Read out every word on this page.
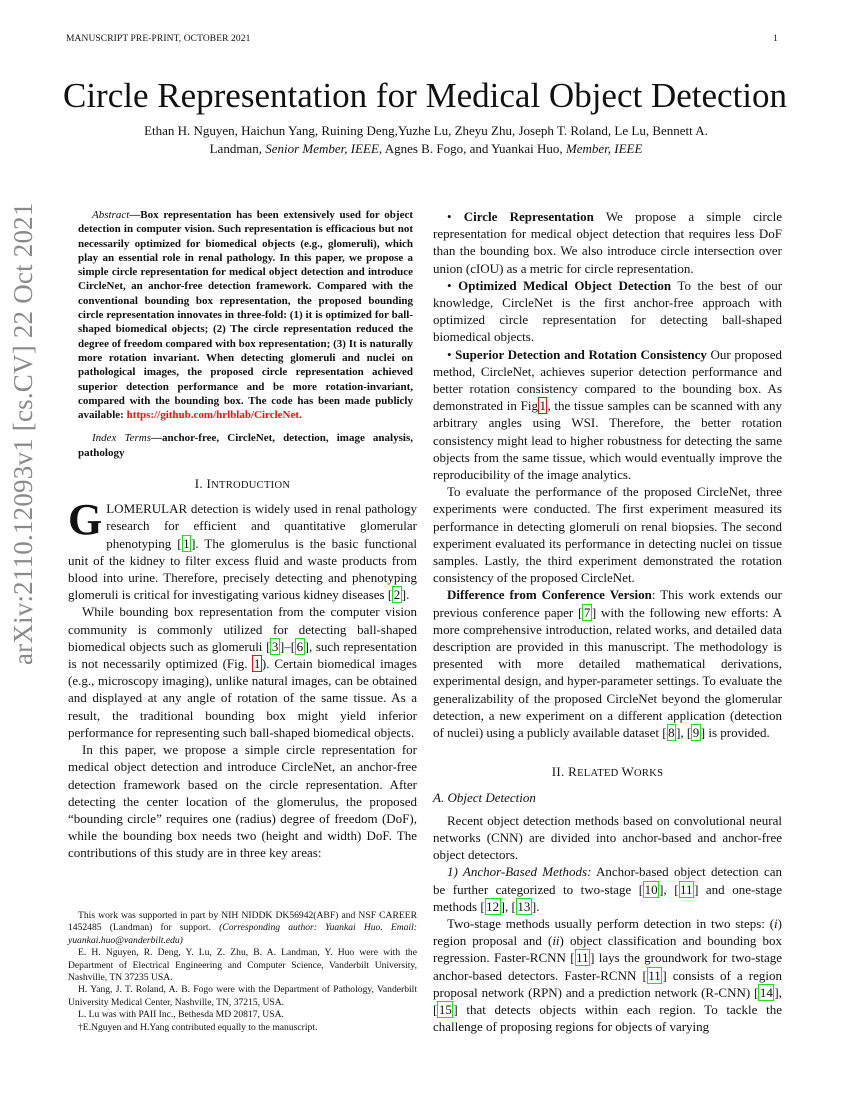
MANUSCRIPT PRE-PRINT, OCTOBER 2021	1
Circle Representation for Medical Object Detection
Ethan H. Nguyen, Haichun Yang, Ruining Deng,Yuzhe Lu, Zheyu Zhu, Joseph T. Roland, Le Lu, Bennett A.
Landman, Senior Member, IEEE, Agnes B. Fogo, and Yuankai Huo, Member, IEEE
arXiv:2110.12093v1 [cs.CV] 22 Oct 2021	Abstract—Box representation has been extensively used for object detection in computer vision. Such representation is efficacious but not necessarily optimized for biomedical objects (e.g., glomeruli), which play an essential role in renal pathology. In this paper, we propose a simple circle representation for medical object detection and introduce CircleNet, an anchor-free detection framework. Compared with the conventional bounding box representation, the proposed bounding circle representation innovates in three-fold: (1) it is optimized for ball-shaped biomedical objects; (2) The circle representation reduced the degree of freedom compared with box representation; (3) It is naturally more rotation invariant. When detecting glomeruli and nuclei on pathological images, the proposed circle representation achieved superior detection performance and be more rotation-invariant, compared with the bounding box. The code has been made publicly available: https://github.com/hrlblab/CircleNet.

Index Terms—anchor-free, CircleNet, detection, image analysis, pathology

I. INTRODUCTION

GLOMERULAR detection is widely used in renal pathology research for efficient and quantitative glomerular phenotyping [ 1 ]. The glomerulus is the basic functional unit of the kidney to filter excess fluid and waste products from blood into urine. Therefore, precisely detecting and phenotyping glomeruli is critical for investigating various kidney diseases [ 2 ].

While bounding box representation from the computer vision community is commonly utilized for detecting ball-shaped biomedical objects such as glomeruli [ 3 ]–[ 6 ], such representation is not necessarily optimized (Fig. 1 ). Certain biomedical images (e.g., microscopy imaging), unlike natural images, can be obtained and displayed at any angle of rotation of the same tissue. As a result, the traditional bounding box might yield inferior performance for representing such ball-shaped biomedical objects.

In this paper, we propose a simple circle representation for medical object detection and introduce CircleNet, an anchor-free detection framework based on the circle representation. After detecting the center location of the glomerulus, the proposed “bounding circle” requires one (radius) degree of freedom (DoF), while the bounding box needs two (height and width) DoF. The contributions of this study are in three key areas:

This work was supported in part by NIH NIDDK DK56942(ABF) and NSF CAREER 1452485 (Landman) for support. (Corresponding author: Yuankai Huo. Email: yuankai.huo@vanderbilt.edu)

E. H. Nguyen, R. Deng, Y. Lu, Z. Zhu, B. A. Landman, Y. Huo were with the Department of Electrical Engineering and Computer Science, Vanderbilt University, Nashville, TN 37235 USA.

H. Yang, J. T. Roland, A. B. Fogo were with the Department of Pathology, Vanderbilt University Medical Center, Nashville, TN, 37215, USA.

L. Lu was with PAII Inc., Bethesda MD 20817, USA.

†E.Nguyen and H.Yang contributed equally to the manuscript.

• Circle Representation We propose a simple circle representation for medical object detection that requires less DoF than the bounding box. We also introduce circle intersection over union (cIOU) as a metric for circle representation.

• Optimized Medical Object Detection To the best of our knowledge, CircleNet is the first anchor-free approach with optimized circle representation for detecting ball-shaped biomedical objects.

• Superior Detection and Rotation Consistency Our proposed method, CircleNet, achieves superior detection performance and better rotation consistency compared to the bounding box. As demonstrated in Fig 1 , the tissue samples can be scanned with any arbitrary angles using WSI. Therefore, the better rotation consistency might lead to higher robustness for detecting the same objects from the same tissue, which would eventually improve the reproducibility of the image analytics.

To evaluate the performance of the proposed CircleNet, three experiments were conducted. The first experiment measured its performance in detecting glomeruli on renal biopsies. The second experiment evaluated its performance in detecting nuclei on tissue samples. Lastly, the third experiment demonstrated the rotation consistency of the proposed CircleNet.

Difference from Conference Version: This work extends our previous conference paper [ 7 ] with the following new efforts: A more comprehensive introduction, related works, and detailed data description are provided in this manuscript. The methodology is presented with more detailed mathematical derivations, experimental design, and hyper-parameter settings. To evaluate the generalizability of the proposed CircleNet beyond the glomerular detection, a new experiment on a different application (detection of nuclei) using a publicly available dataset [ 8 ], [ 9 ] is provided.

II. RELATED WORKS
A. Object Detection

Recent object detection methods based on convolutional neural networks (CNN) are divided into anchor-based and anchor-free object detectors.

1) Anchor-Based Methods: Anchor-based object detection can be further categorized to two-stage [ 10 ], [ 11 ] and one-stage methods [ 12 ], [ 13 ].

Two-stage methods usually perform detection in two steps: (i) region proposal and (ii) object classification and bounding box regression. Faster-RCNN [ 11 ] lays the groundwork for two-stage anchor-based detectors. Faster-RCNN [ 11 ] consists of a region proposal network (RPN) and a prediction network (R-CNN) [ 14 ], [ 15 ] that detects objects within each region. To tackle the challenge of proposing regions for objects of varying
